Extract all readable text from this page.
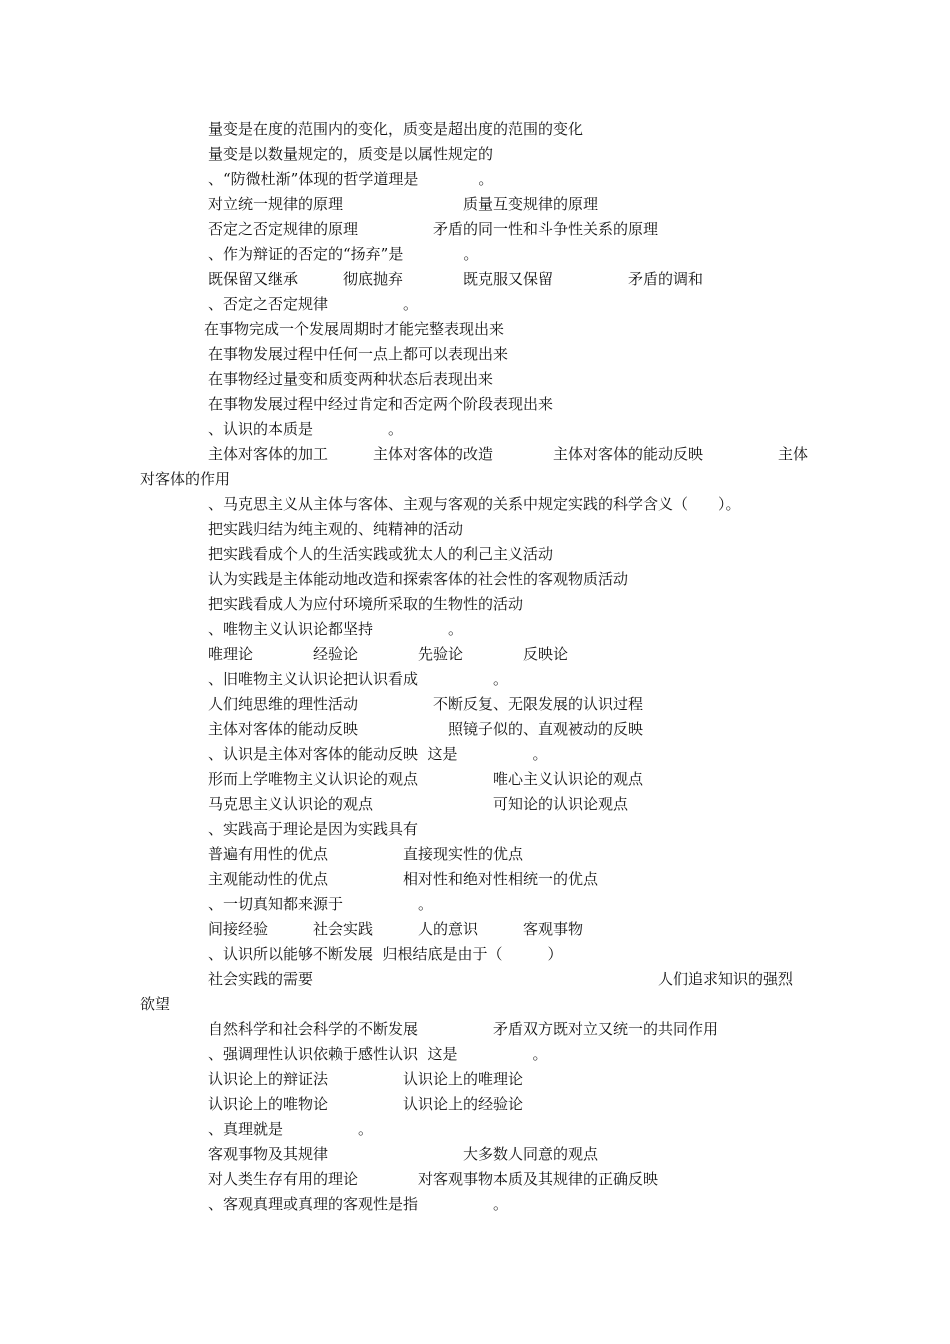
量变是在度的范围内的变化，质变是超出度的范围的变化

量变是以数量规定的，质变是以属性规定的

、“防微杜渐”体现的哲学道理是　　　　。

对立统一规律的原理　　　　　　　　质量互变规律的原理

否定之否定规律的原理　　　　　矛盾的同一性和斗争性关系的原理

、作为辩证的否定的“扬弃”是　　　　。

既保留又继承　　　彻底抛弃　　　　既克服又保留　　　　　矛盾的调和

、否定之否定规律　　　　　。

在事物完成一个发展周期时才能完整表现出来

在事物发展过程中任何一点上都可以表现出来

在事物经过量变和质变两种状态后表现出来

在事物发展过程中经过肯定和否定两个阶段表现出来

、认识的本质是　　　　　。

主体对客体的加工　　　主体对客体的改造　　　　主体对客体的能动反映　　　　　主体

对客体的作用

、马克思主义从主体与客体、主观与客观的关系中规定实践的科学含义（　　）。

把实践归结为纯主观的、纯精神的活动

把实践看成个人的生活实践或犹太人的利己主义活动

认为实践是主体能动地改造和探索客体的社会性的客观物质活动

把实践看成人为应付环境所采取的生物性的活动

、唯物主义认识论都坚持　　　　　。

唯理论　　　　经验论　　　　先验论　　　　反映论

、旧唯物主义认识论把认识看成　　　　　。

人们纯思维的理性活动　　　　　不断反复、无限发展的认识过程

主体对客体的能动反映　　　　　　照镜子似的、直观被动的反映

、认识是主体对客体的能动反映  这是　　　　　。

形而上学唯物主义认识论的观点　　　　　唯心主义认识论的观点

马克思主义认识论的观点　　　　　　　　可知论的认识论观点

、实践高于理论是因为实践具有

普遍有用性的优点　　　　　直接现实性的优点

主观能动性的优点　　　　　相对性和绝对性相统一的优点

、一切真知都来源于　　　　　。

间接经验　　　社会实践　　　人的意识　　　客观事物

、认识所以能够不断发展  归根结底是由于（　　　）

社会实践的需要　　　　　　　　　　　　　　　　　　　　　　　人们追求知识的强烈

欲望

自然科学和社会科学的不断发展　　　　　矛盾双方既对立又统一的共同作用

、强调理性认识依赖于感性认识  这是　　　　　。

认识论上的辩证法　　　　　认识论上的唯理论

认识论上的唯物论　　　　　认识论上的经验论

、真理就是　　　　　。

客观事物及其规律　　　　　　　　　大多数人同意的观点

对人类生存有用的理论　　　　对客观事物本质及其规律的正确反映

、客观真理或真理的客观性是指　　　　　。
